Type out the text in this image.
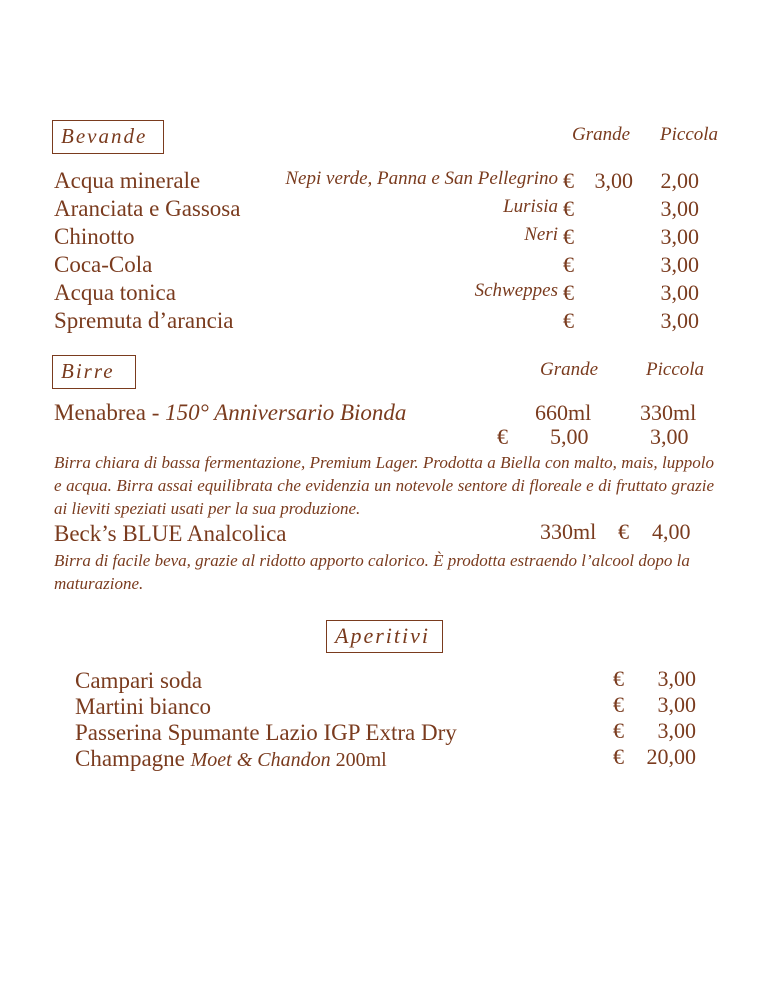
Bevande	Grande Piccola
Acqua minerale	Nepi verde, Panna e San Pellegrino € 3,00 2,00
Aranciata e Gassosa	Lurisia €	3,00
Chinotto	Neri €	3,00
Coca-Cola	€	3,00
Acqua tonica	Schweppes €	3,00
Spremuta d’arancia	€	3,00
Birre	Grande	Piccola
Menabrea - 150° Anniversario Bionda	660ml 330ml
€ 5,00	3,00
Birra chiara di bassa fermentazione, Premium Lager. Prodotta a Biella con malto, mais, luppolo e acqua. Birra assai equilibrata che evidenzia un notevole sentore di floreale e di fruttato grazie ai lieviti speziati usati per la sua produzione.
Beck’s BLUE Analcolica	330ml € 4,00
Birra di facile beva, grazie al ridotto apporto calorico. È prodotta estraendo l’alcool dopo la maturazione.
Aperitivi
Campari soda	€ 3,00
Martini bianco	€ 3,00
Passerina Spumante Lazio IGP Extra Dry	€ 3,00
Champagne Moet & Chandon 200ml	€ 20,00
